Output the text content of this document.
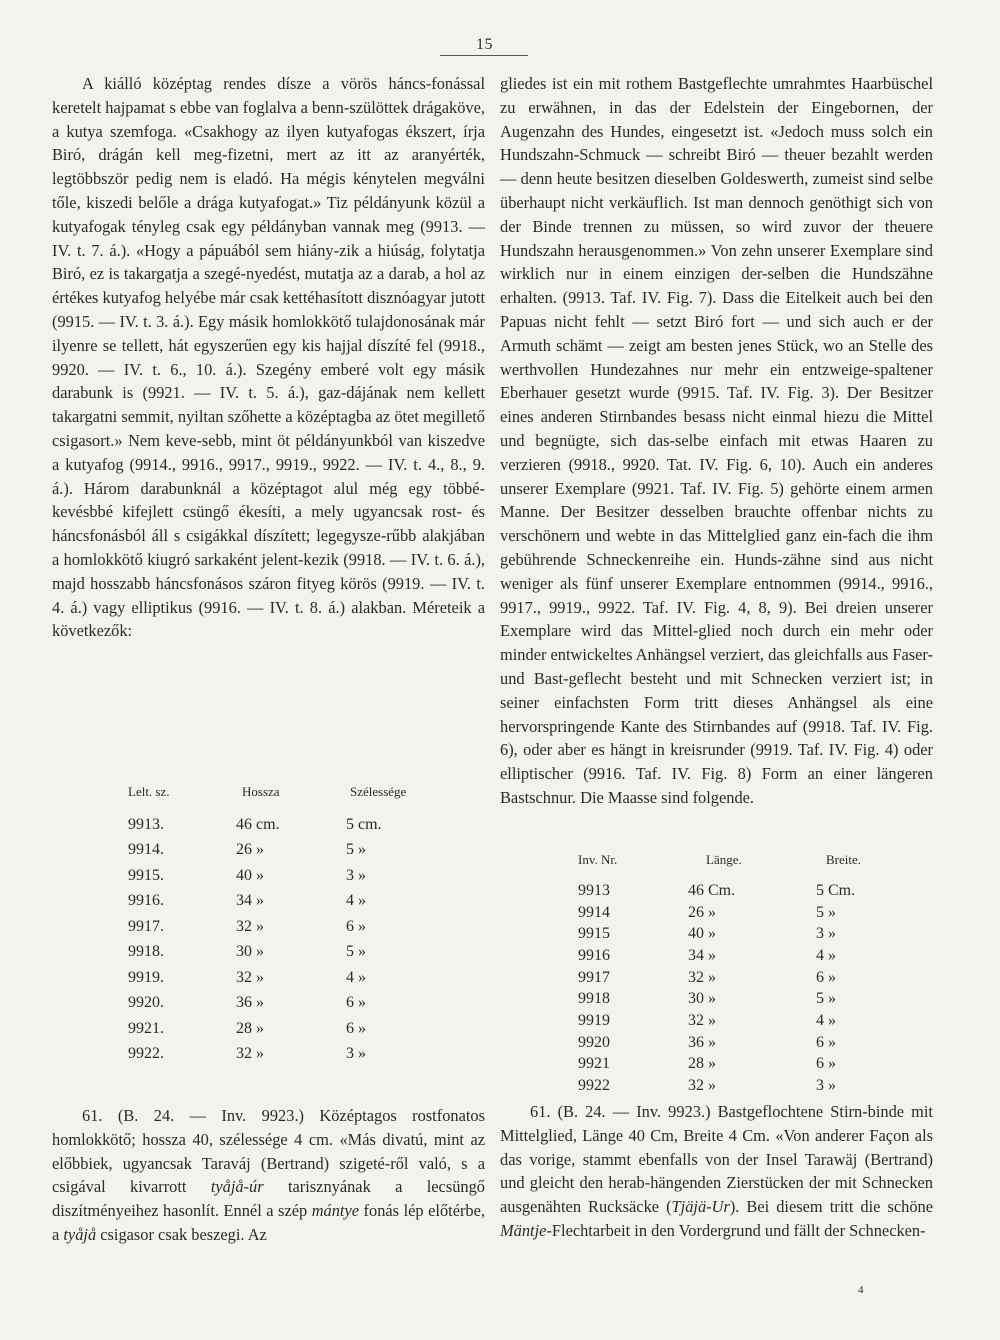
15

A kiálló középtag rendes dísze a vörös háncs-fonással keretelt hajpamat s ebbe van foglalva a benn-szülöttek drágaköve, a kutya szemfoga. «Csakhogy az ilyen kutyafogas ékszert, írja Biró, drágán kell meg-fizetni, mert az itt az aranyérték, legtöbbször pedig nem is eladó. Ha mégis kénytelen megválni tőle, kiszedi belőle a drága kutyafogat.» Tiz példányunk közül a kutyafogak tényleg csak egy példányban vannak meg (9913. — IV. t. 7. á.). «Hogy a pápuából sem hiány-zik a hiúság, folytatja Biró, ez is takargatja a szegé-nyedést, mutatja az a darab, a hol az értékes kutyafog helyébe már csak kettéhasított disznóagyar jutott (9915. — IV. t. 3. á.). Egy másik homlokkötő tulajdonosának már ilyenre se tellett, hát egyszerűen egy kis hajjal díszíté fel (9918., 9920. — IV. t. 6., 10. á.). Szegény emberé volt egy másik darabunk is (9921. — IV. t. 5. á.), gaz-dájának nem kellett takargatni semmit, nyiltan szőhette a középtagba az ötet megillető csigasort.» Nem keve-sebb, mint öt példányunkból van kiszedve a kutyafog (9914., 9916., 9917., 9919., 9922. — IV. t. 4., 8., 9. á.). Három darabunknál a középtagot alul még egy többé-kevésbbé kifejlett csüngő ékesíti, a mely ugyancsak rost- és háncsfonásból áll s csigákkal díszített; legegysze-rűbb alakjában a homlokkötő kiugró sarkaként jelent-kezik (9918. — IV. t. 6. á.), majd hosszabb háncsfonásos száron fityeg körös (9919. — IV. t. 4. á.) vagy elliptikus (9916. — IV. t. 8. á.) alakban. Méreteik a következők:

Lelt. sz.	Hossza	Szélessége
9913.	46 cm.	5 cm.
9914.	26 »	5 »
9915.	40 »	3 »
9916.	34 »	4 »
9917.	32 »	6 »
9918.	30 »	5 »
9919.	32 »	4 »
9920.	36 »	6 »
9921.	28 »	6 »
9922.	32 »	3 »

61. (B. 24. — Inv. 9923.) Középtagos rostfonatos homlokkötő; hossza 40, szélessége 4 cm. «Más divatú, mint az előbbiek, ugyancsak Taraváj (Bertrand) szigeté-ről való, s a csigával kivarrott tyåjå-úr tarisznyának a lecsüngő diszítményeihez hasonlít. Ennél a szép mántye fonás lép előtérbe, a tyåjå csigasor csak beszegi. Az

gliedes ist ein mit rothem Bastgeflechte umrahmtes Haarbüschel zu erwähnen, in das der Edelstein der Eingebornen, der Augenzahn des Hundes, eingesetzt ist. «Jedoch muss solch ein Hundszahn-Schmuck — schreibt Biró — theuer bezahlt werden — denn heute besitzen dieselben Goldeswerth, zumeist sind selbe überhaupt nicht verkäuflich. Ist man dennoch genöthigt sich von der Binde trennen zu müssen, so wird zuvor der theuere Hundszahn herausgenommen.» Von zehn unserer Exemplare sind wirklich nur in einem einzigen der-selben die Hundszähne erhalten. (9913. Taf. IV. Fig. 7). Dass die Eitelkeit auch bei den Papuas nicht fehlt — setzt Biró fort — und sich auch er der Armuth schämt — zeigt am besten jenes Stück, wo an Stelle des werthvollen Hundezahnes nur mehr ein entzweige-spaltener Eberhauer gesetzt wurde (9915. Taf. IV. Fig. 3). Der Besitzer eines anderen Stirnbandes besass nicht einmal hiezu die Mittel und begnügte, sich das-selbe einfach mit etwas Haaren zu verzieren (9918., 9920. Tat. IV. Fig. 6, 10). Auch ein anderes unserer Exemplare (9921. Taf. IV. Fig. 5) gehörte einem armen Manne. Der Besitzer desselben brauchte offenbar nichts zu verschönern und webte in das Mittelglied ganz ein-fach die ihm gebührende Schneckenreihe ein. Hunds-zähne sind aus nicht weniger als fünf unserer Exemplare entnommen (9914., 9916., 9917., 9919., 9922. Taf. IV. Fig. 4, 8, 9). Bei dreien unserer Exemplare wird das Mittel-glied noch durch ein mehr oder minder entwickeltes Anhängsel verziert, das gleichfalls aus Faser- und Bast-geflecht besteht und mit Schnecken verziert ist; in seiner einfachsten Form tritt dieses Anhängsel als eine hervorspringende Kante des Stirnbandes auf (9918. Taf. IV. Fig. 6), oder aber es hängt in kreisrunder (9919. Taf. IV. Fig. 4) oder elliptischer (9916. Taf. IV. Fig. 8) Form an einer längeren Bastschnur. Die Maasse sind folgende.

Inv. Nr.	Länge.	Breite.
9913	46 Cm.	5 Cm.
9914	26 »	5 »
9915	40 »	3 »
9916	34 »	4 »
9917	32 »	6 »
9918	30 »	5 »
9919	32 »	4 »
9920	36 »	6 »
9921	28 »	6 »
9922	32 »	3 »

61. (B. 24. — Inv. 9923.) Bastgeflochtene Stirn-binde mit Mittelglied, Länge 40 Cm, Breite 4 Cm. «Von anderer Façon als das vorige, stammt ebenfalls von der Insel Tarawäj (Bertrand) und gleicht den herab-hängenden Zierstücken der mit Schnecken ausgenähten Rucksäcke (Tjäjä-Ur). Bei diesem tritt die schöne Mäntje-Flechtarbeit in den Vordergrund und fällt der Schnecken-

4
